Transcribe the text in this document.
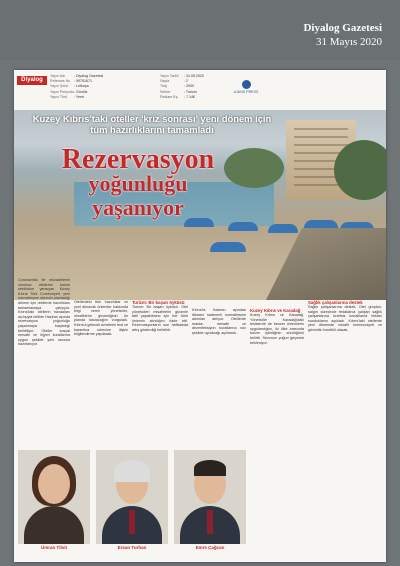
Diyalog Gazetesi
31 Mayıs 2020
Diyalog
Yayın Adı : Diyalog Gazetesi
Referans No : 99751671
Yayın Şehri : Lefkoşa
Yayın Periyodu: Günlük
Yayın Türü : Yerel
Yayın Tarihi : 31.05.2020
Sayfa	: 2
Tiraj	: 2000
Sektör	: Turizm
Reklam Eş. : 7.14€
AJANS PRESS
Kuzey Kıbrıs'taki oteller 'kriz sonrası' yeni dönem için tüm hazırlıklarını tamamladı
Rezervasyon
yoğunluğu
yaşanıyor
Coronavirüs ile mücadelenin olumsuz etkilerini turizm sektörüne yansıyan Kuzey Kıbrıs Türk Cumhuriyeti, yeni normalleşme sürecini planladığı dönem için otellerde hazırlıkları tamamlamaya çalışıyor. Kıbrıs'taki otellerin havaalanı açılışıyla birlikte Haziran ayında rezervasyon yoğunluğu yaşanmaya başladığı belirtiliyor. Oteller sosyal mesafe ve hijyen kurallarına uygun şekilde yeni sezona hazırlanıyor.
Otellerdeki tüm hazırlıklar ve yeni alınacak önlemler hakkında bilgi veren yöneticiler, misafirlerin güvenliğinin ön planda tutulacağını vurguladı. Kıbrıs'a gelecek turistlerin test ve karantina sürecine ilişkin bilgilendirme yapılacak.
Turizm: Bir başarı öyküsü
Turizm: Bir başarı öyküsü. Otel yöneticileri misafirlerin güvenle tatil yapabilmesi için her türlü önlemin alındığını ifade etti. Rezervasyonların son haftalarda artış gösterdiği belirtildi.
Kıbrıs'ta Haziran ayından itibaren kademeli normalleşme adımları atılıyor. Otellerde maske, mesafe ve dezenfeksiyon kurallarına sıkı şekilde uyulacağı açıklandı.
Kuzey Kıbrıs ve Karadağ
Kuzey Kıbrıs ve Karadağ. Yöneticiler Karadağ'daki tesislerde de benzer önlemlerin uygulandığını, iki ülke arasında turizm işbirliğinin sürdüğünü belirtti. Sezonun yoğun geçmesi bekleniyor.
Sağlık çalışanlarına destek
Sağlık çalışanlarına destek. Otel grupları, salgın sürecinde fedakârca çalışan sağlık çalışanlarına ücretsiz konaklama imkânı sunduklarını açıkladı. Kıbrıs'taki otellerde yeni dönemde misafir memnuniyeti ve güvenlik öncelikli olacak.
Ümran Tilvit	Ersan Turhan	Emre Çağcan
